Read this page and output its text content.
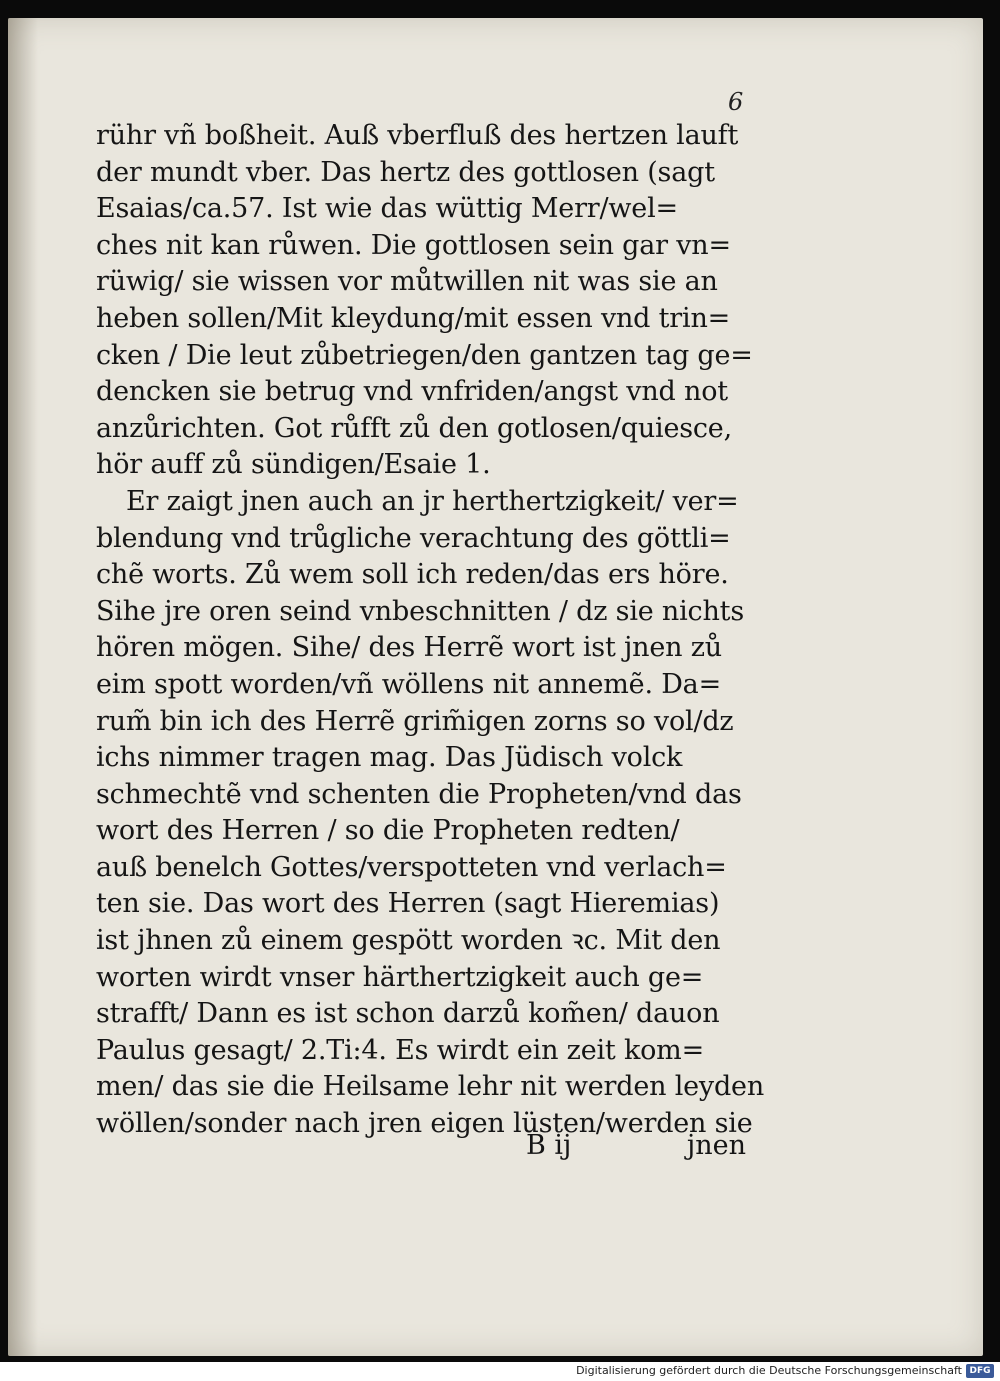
6

rühr vñ boßheit. Auß vberfluß des hertzen lauft

der mundt vber. Das hertz des gottlosen (sagt

Esaias/ca.57. Ist wie das wüttig Merr/wel=

ches nit kan růwen. Die gottlosen sein gar vn=

rüwig/ sie wissen vor můtwillen nit was sie an

heben sollen/Mit kleydung/mit essen vnd trin=

cken / Die leut zůbetriegen/den gantzen tag ge=

dencken sie betrug vnd vnfriden/angst vnd not

anzůrichten. Got růfft zů den gotlosen/quiesce,

hör auff zů sündigen/Esaie 1.

Er zaigt jnen auch an jr herthertzigkeit/ ver=

blendung vnd trůgliche verachtung des göttli=

chẽ worts. Zů wem soll ich reden/das ers höre.

Sihe jre oren seind vnbeschnitten / dz sie nichts

hören mögen. Sihe/ des Herrẽ wort ist jnen zů

eim spott worden/vñ wöllens nit annemẽ. Da=

rum̃ bin ich des Herrẽ grim̃igen zorns so vol/dz

ichs nimmer tragen mag. Das Jüdisch volck

schmechtẽ vnd schenten die Propheten/vnd das

wort des Herren / so die Propheten redten/

auß benelch Gottes/verspotteten vnd verlach=

ten sie. Das wort des Herren (sagt Hieremias)

ist jhnen zů einem gespött worden ꝛc. Mit den

worten wirdt vnser härthertzigkeit auch ge=

strafft/ Dann es ist schon darzů kom̃en/ dauon

Paulus gesagt/ 2.Ti:4. Es wirdt ein zeit kom=

men/ das sie die Heilsame lehr nit werden leyden

wöllen/sonder nach jren eigen lüsten/werden sie

B ij	jnen

Digitalisierung gefördert durch die Deutsche Forschungsgemeinschaft DFG
